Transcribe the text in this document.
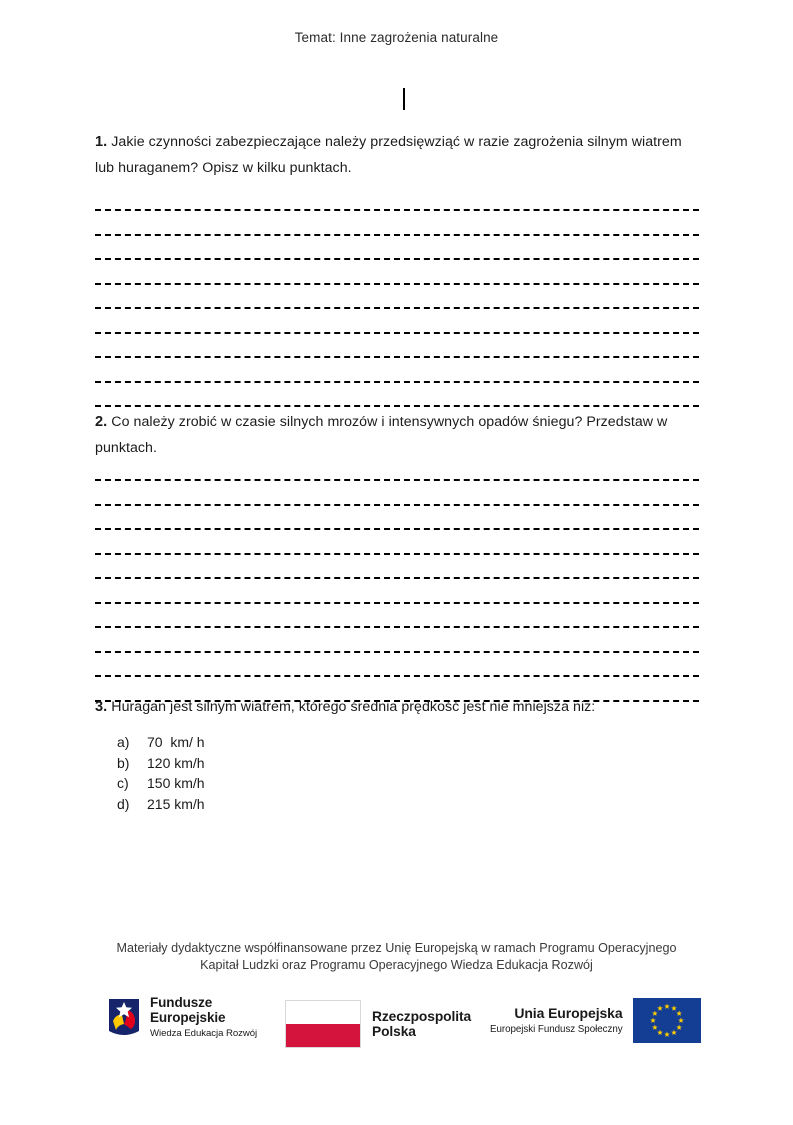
Temat: Inne zagrożenia naturalne
1. Jakie czynności zabezpieczające należy przedsięwziąć w razie zagrożenia silnym wiatrem lub huraganem? Opisz w kilku punktach.
2. Co należy zrobić w czasie silnych mrozów i intensywnych opadów śniegu? Przedstaw w punktach.
3. Huragan jest silnym wiatrem, którego średnia prędkość jest nie mniejsza niż:
a)	70  km/ h
b)	120 km/h
c)	150 km/h
d)	215 km/h
Materiały dydaktyczne współfinansowane przez Unię Europejską w ramach Programu Operacyjnego
Kapitał Ludzki oraz Programu Operacyjnego Wiedza Edukacja Rozwój
Fundusze
Europejskie
Wiedza Edukacja Rozwój
Rzeczpospolita
Polska
Unia Europejska
Europejski Fundusz Społeczny
